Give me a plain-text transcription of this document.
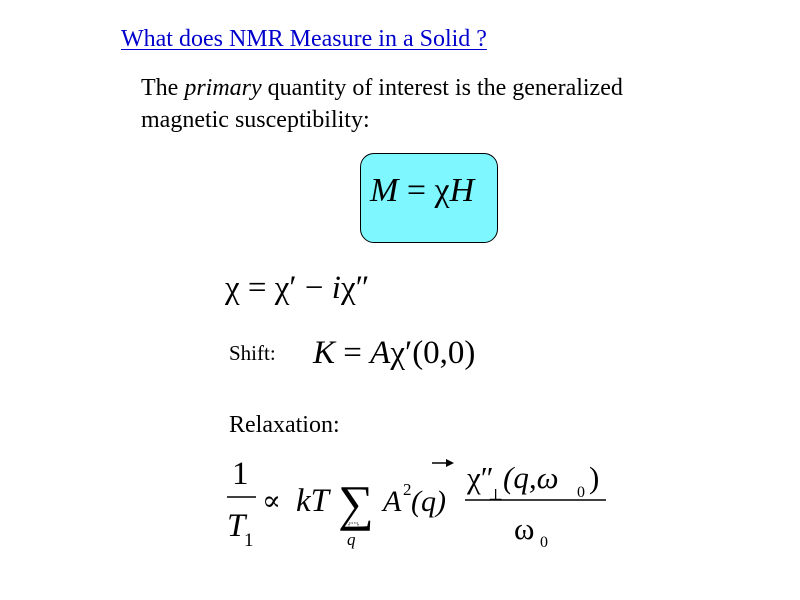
What does NMR Measure in a Solid ?
The primary quantity of interest is the generalized
magnetic susceptibility:
M = χH
χ = χ′ − iχ″
Shift: K = Aχ′(0,0)
Relaxation:
1
T
1
∝ kT ∑
q
A 2 (q)
χ″
⊥
(q,ω 0 )
ω 0
